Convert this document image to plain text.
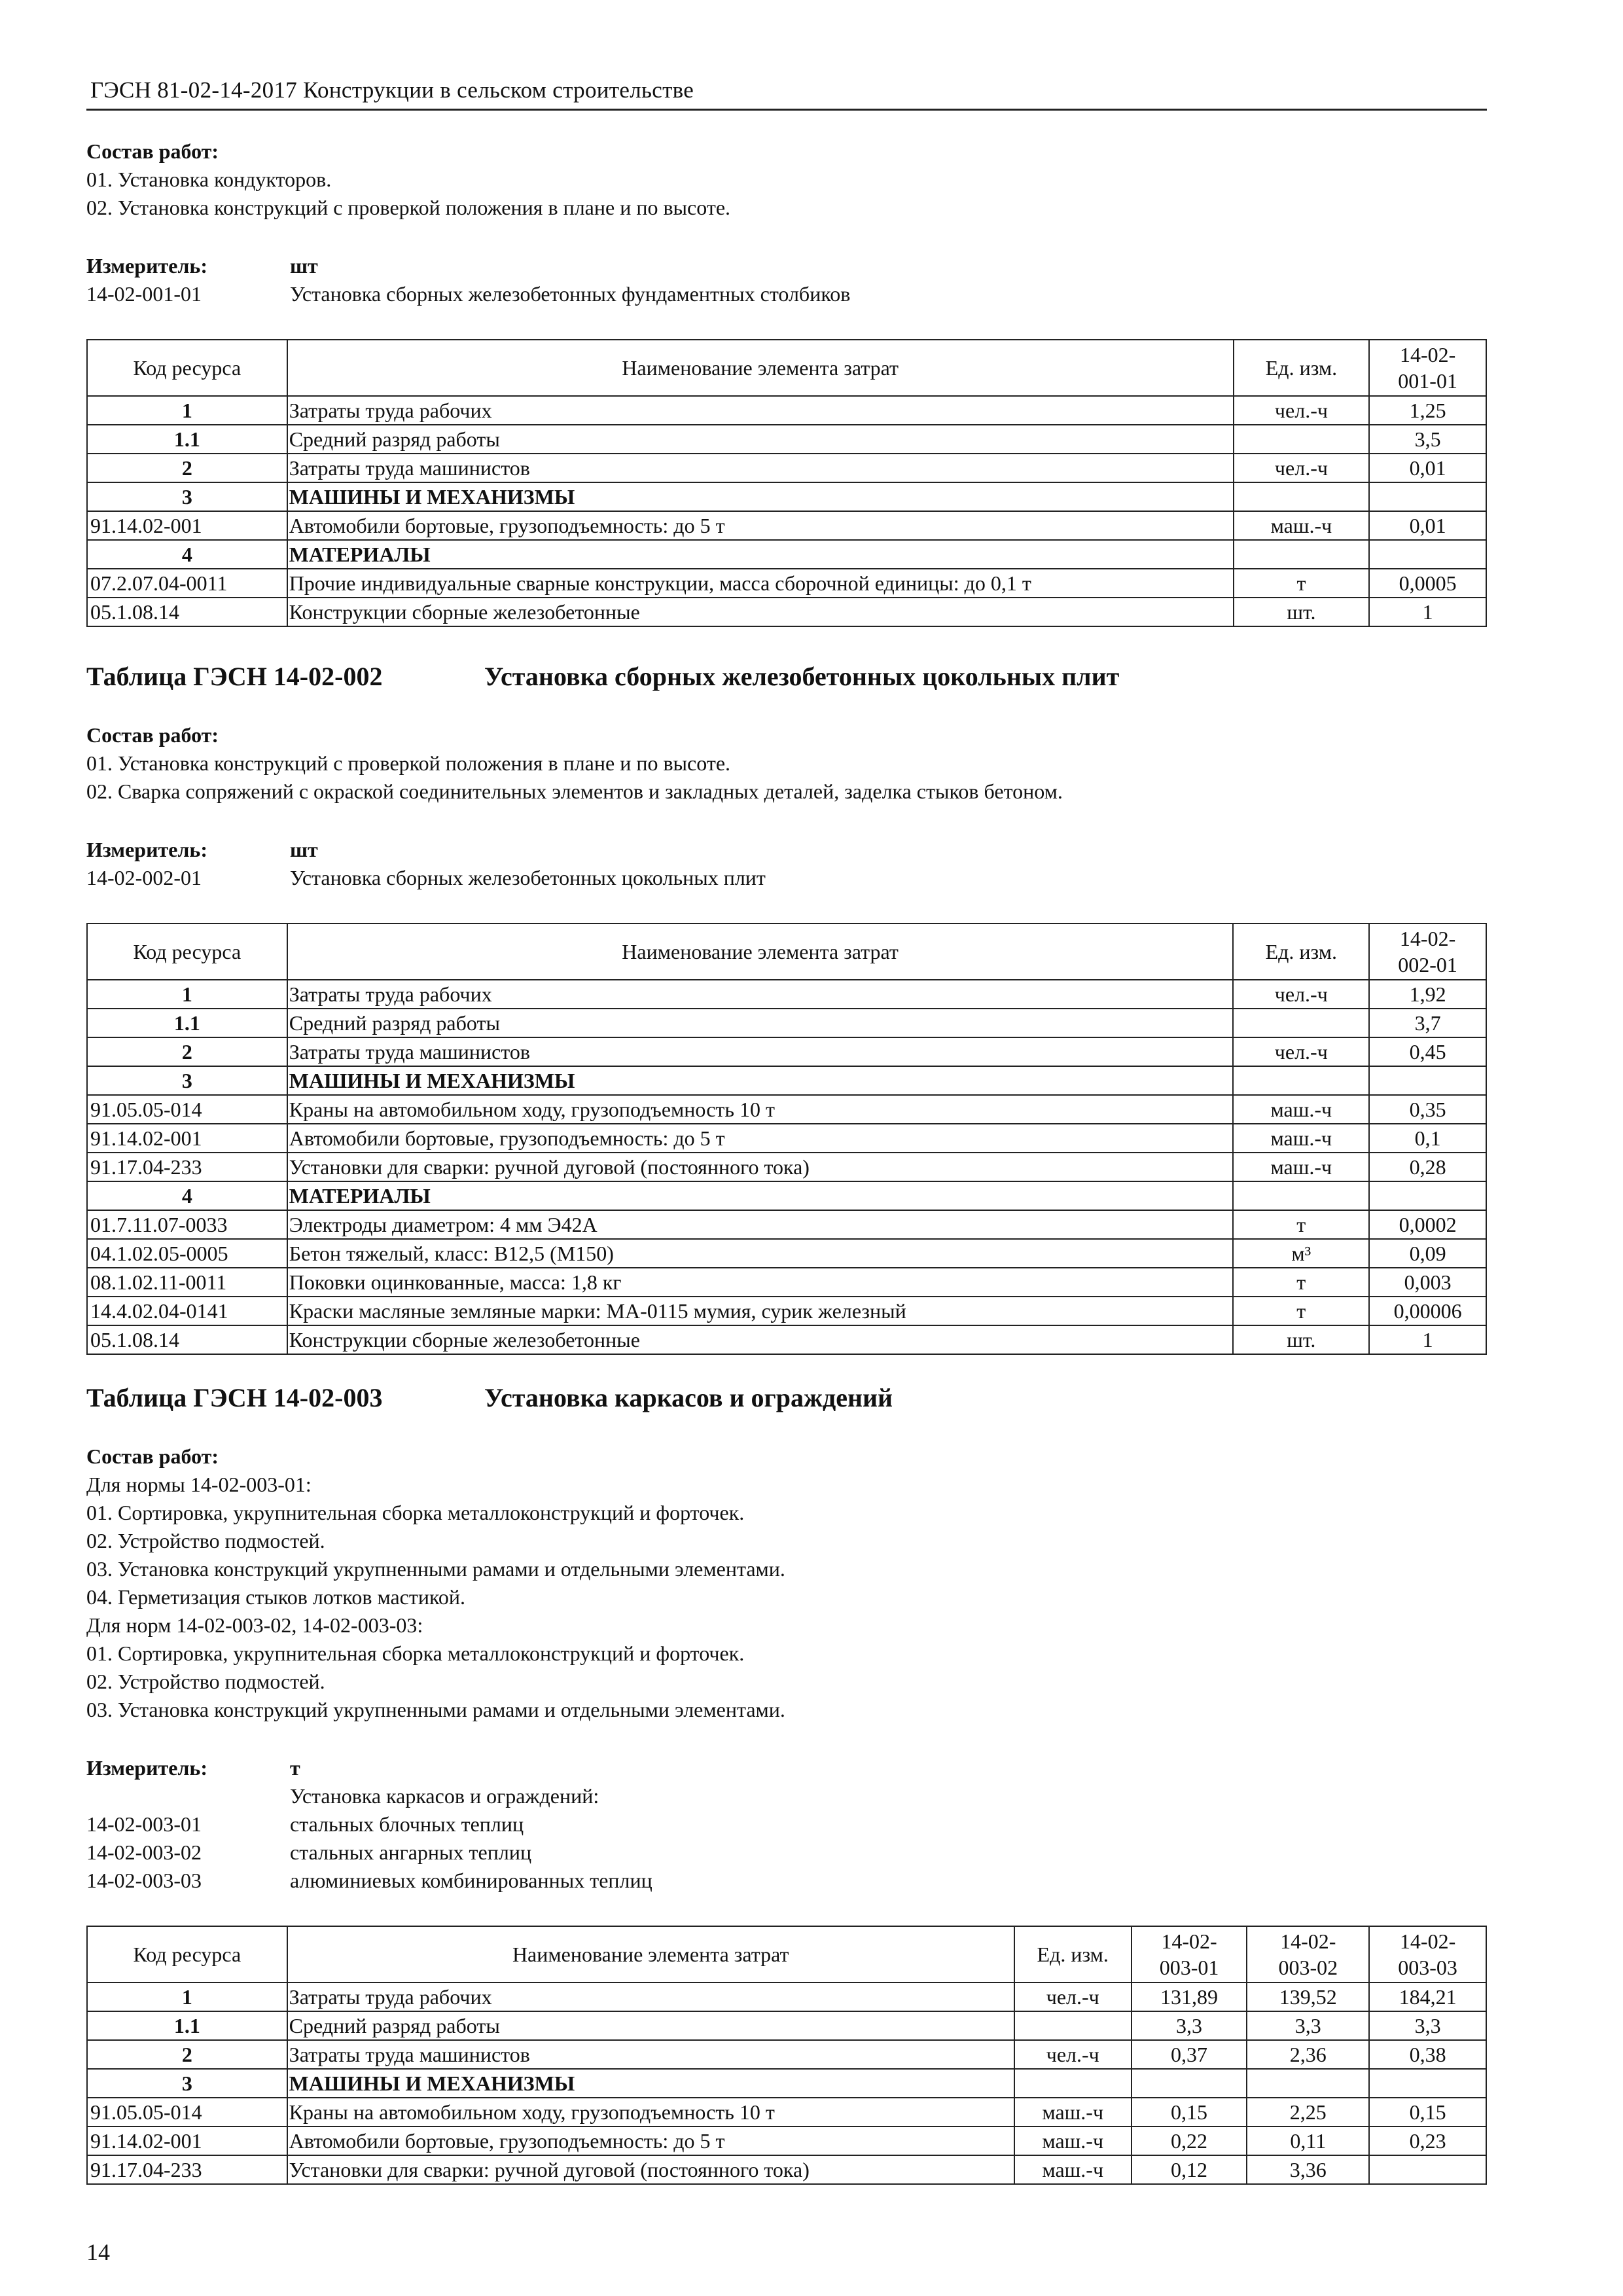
ГЭСН 81-02-14-2017 Конструкции в сельском строительстве
Состав работ:
01. Установка кондукторов.
02. Установка конструкций с проверкой положения в плане и по высоте.
Измеритель:	шт
14-02-001-01	Установка сборных железобетонных фундаментных столбиков
Код ресурса	Наименование элемента затрат	Ед. изм.	14-02-
001-01
1	Затраты труда рабочих	чел.-ч	1,25
1.1	Средний разряд работы		3,5
2	Затраты труда машинистов	чел.-ч	0,01
3	МАШИНЫ И МЕХАНИЗМЫ		
91.14.02-001	Автомобили бортовые, грузоподъемность: до 5 т	маш.-ч	0,01
4	МАТЕРИАЛЫ		
07.2.07.04-0011	Прочие индивидуальные сварные конструкции, масса сборочной единицы: до 0,1 т	т	0,0005
05.1.08.14	Конструкции сборные железобетонные	шт.	1
Таблица ГЭСН 14-02-002	Установка сборных железобетонных цокольных плит
Состав работ:
01. Установка конструкций с проверкой положения в плане и по высоте.
02. Сварка сопряжений с окраской соединительных элементов и закладных деталей, заделка стыков бетоном.
Измеритель:	шт
14-02-002-01	Установка сборных железобетонных цокольных плит
Код ресурса	Наименование элемента затрат	Ед. изм.	14-02-
002-01
1	Затраты труда рабочих	чел.-ч	1,92
1.1	Средний разряд работы		3,7
2	Затраты труда машинистов	чел.-ч	0,45
3	МАШИНЫ И МЕХАНИЗМЫ		
91.05.05-014	Краны на автомобильном ходу, грузоподъемность 10 т	маш.-ч	0,35
91.14.02-001	Автомобили бортовые, грузоподъемность: до 5 т	маш.-ч	0,1
91.17.04-233	Установки для сварки: ручной дуговой (постоянного тока)	маш.-ч	0,28
4	МАТЕРИАЛЫ		
01.7.11.07-0033	Электроды диаметром: 4 мм Э42А	т	0,0002
04.1.02.05-0005	Бетон тяжелый, класс: В12,5 (М150)	м³	0,09
08.1.02.11-0011	Поковки оцинкованные, масса: 1,8 кг	т	0,003
14.4.02.04-0141	Краски масляные земляные марки: МА-0115 мумия, сурик железный	т	0,00006
05.1.08.14	Конструкции сборные железобетонные	шт.	1
Таблица ГЭСН 14-02-003	Установка каркасов и ограждений
Состав работ:
Для нормы 14-02-003-01:
01. Сортировка, укрупнительная сборка металлоконструкций и форточек.
02. Устройство подмостей.
03. Установка конструкций укрупненными рамами и отдельными элементами.
04. Герметизация стыков лотков мастикой.
Для норм 14-02-003-02, 14-02-003-03:
01. Сортировка, укрупнительная сборка металлоконструкций и форточек.
02. Устройство подмостей.
03. Установка конструкций укрупненными рамами и отдельными элементами.
Измеритель:	т
Установка каркасов и ограждений:
14-02-003-01	стальных блочных теплиц
14-02-003-02	стальных ангарных теплиц
14-02-003-03	алюминиевых комбинированных теплиц
Код ресурса	Наименование элемента затрат	Ед. изм.	14-02-
003-01	14-02-
003-02	14-02-
003-03
1	Затраты труда рабочих	чел.-ч	131,89	139,52	184,21
1.1	Средний разряд работы		3,3	3,3	3,3
2	Затраты труда машинистов	чел.-ч	0,37	2,36	0,38
3	МАШИНЫ И МЕХАНИЗМЫ				
91.05.05-014	Краны на автомобильном ходу, грузоподъемность 10 т	маш.-ч	0,15	2,25	0,15
91.14.02-001	Автомобили бортовые, грузоподъемность: до 5 т	маш.-ч	0,22	0,11	0,23
91.17.04-233	Установки для сварки: ручной дуговой (постоянного тока)	маш.-ч	0,12	3,36	
14
